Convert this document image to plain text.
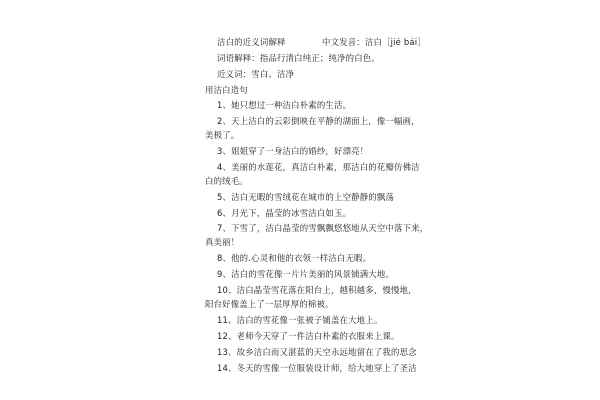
洁白的近义词解释	中文发音：洁白［jié bái］
词语解释：指品行清白纯正；纯净的白色。
近义词：雪白、洁净
用洁白造句
1、她只想过一种洁白朴素的生活。
2、天上洁白的云彩倒映在平静的湖面上，像一幅画，
美极了。
3、姐姐穿了一身洁白的婚纱，好漂亮！
4、美丽的水莲花，真洁白朴素，那洁白的花瓣仿佛洁
白的绒毛。
5、洁白无暇的雪绒花在城市的上空静静的飘荡
6、月光下，晶莹的冰雪洁白如玉。
7、下雪了，洁白晶莹的雪飘飘悠悠地从天空中落下来，
真美丽！
8、他的.心灵和他的衣领一样洁白无暇。
9、洁白的雪花像一片片美丽的风景铺满大地。
10、洁白晶莹雪花落在阳台上，越积越多，慢慢地，
阳台好像盖上了一层厚厚的棉被。
11、洁白的雪花像一张被子铺盖在大地上。
12、老师今天穿了一件洁白朴素的衣服来上课。
13、故乡洁白而又湛蓝的天空永远地留在了我的思念
14、冬天的雪像一位服装设计师，给大地穿上了圣洁
